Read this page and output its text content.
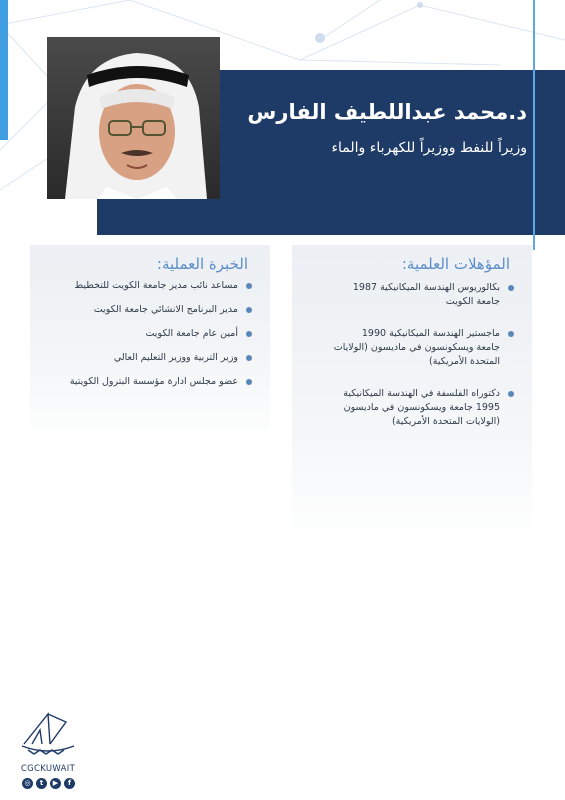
د.محمد عبداللطيف الفارس
وزيراً للنفط ووزيراً للكهرباء والماء
المؤهلات العلمية:
بكالوريوس الهندسة الميكانيكية 1987
جامعة الكويت
ماجستير الهندسة الميكانيكية 1990
جامعة ويسكونسون في ماديسون (الولايات
المتحدة الأمريكية)
دكتوراه الفلسفة في الهندسة الميكانيكية
1995 جامعة ويسكونسون في ماديسون
(الولايات المتحدة الأمريكية)
الخبرة العملية:
مساعد نائب مدير جامعة الكويت للتخطيط
مدير البرنامج الانشائي جامعة الكويت
أمين عام جامعة الكويت
وزير التربية ووزير التعليم العالي
عضو مجلس ادارة مؤسسة البترول الكويتية
CGCKUWAIT
◎	t	▶	f
